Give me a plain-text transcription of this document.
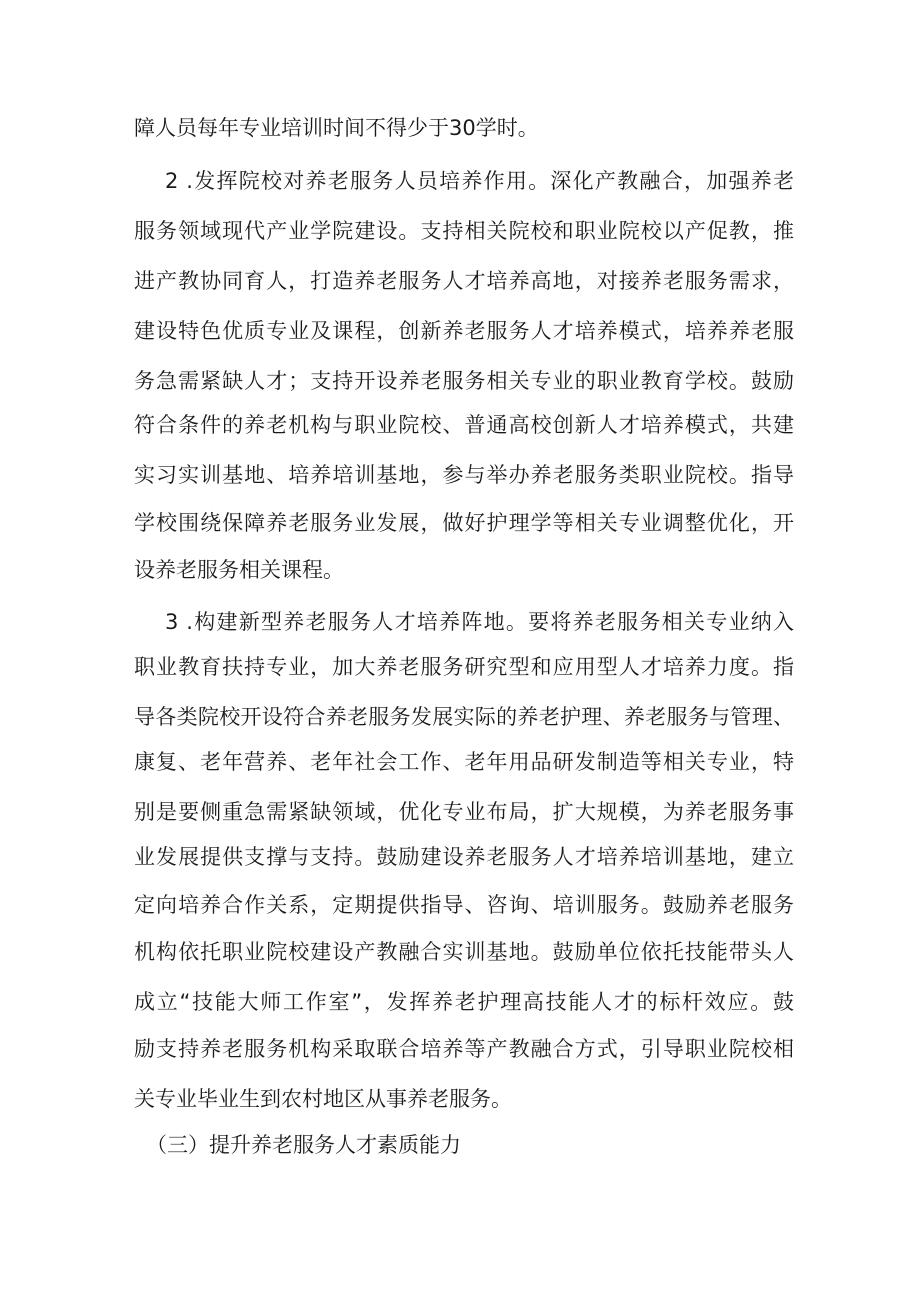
障人员每年专业培训时间不得少于30学时。
2 .发挥院校对养老服务人员培养作用。深化产教融合，加强养老
服务领域现代产业学院建设。支持相关院校和职业院校以产促教，推
进产教协同育人，打造养老服务人才培养高地，对接养老服务需求，
建设特色优质专业及课程，创新养老服务人才培养模式，培养养老服
务急需紧缺人才；支持开设养老服务相关专业的职业教育学校。鼓励
符合条件的养老机构与职业院校、普通高校创新人才培养模式，共建
实习实训基地、培养培训基地，参与举办养老服务类职业院校。指导
学校围绕保障养老服务业发展，做好护理学等相关专业调整优化，开
设养老服务相关课程。
3 .构建新型养老服务人才培养阵地。要将养老服务相关专业纳入
职业教育扶持专业，加大养老服务研究型和应用型人才培养力度。指
导各类院校开设符合养老服务发展实际的养老护理、养老服务与管理、
康复、老年营养、老年社会工作、老年用品研发制造等相关专业，特
别是要侧重急需紧缺领域，优化专业布局，扩大规模，为养老服务事
业发展提供支撑与支持。鼓励建设养老服务人才培养培训基地，建立
定向培养合作关系，定期提供指导、咨询、培训服务。鼓励养老服务
机构依托职业院校建设产教融合实训基地。鼓励单位依托技能带头人
成立“技能大师工作室”，发挥养老护理高技能人才的标杆效应。鼓
励支持养老服务机构采取联合培养等产教融合方式，引导职业院校相
关专业毕业生到农村地区从事养老服务。
（三）提升养老服务人才素质能力
